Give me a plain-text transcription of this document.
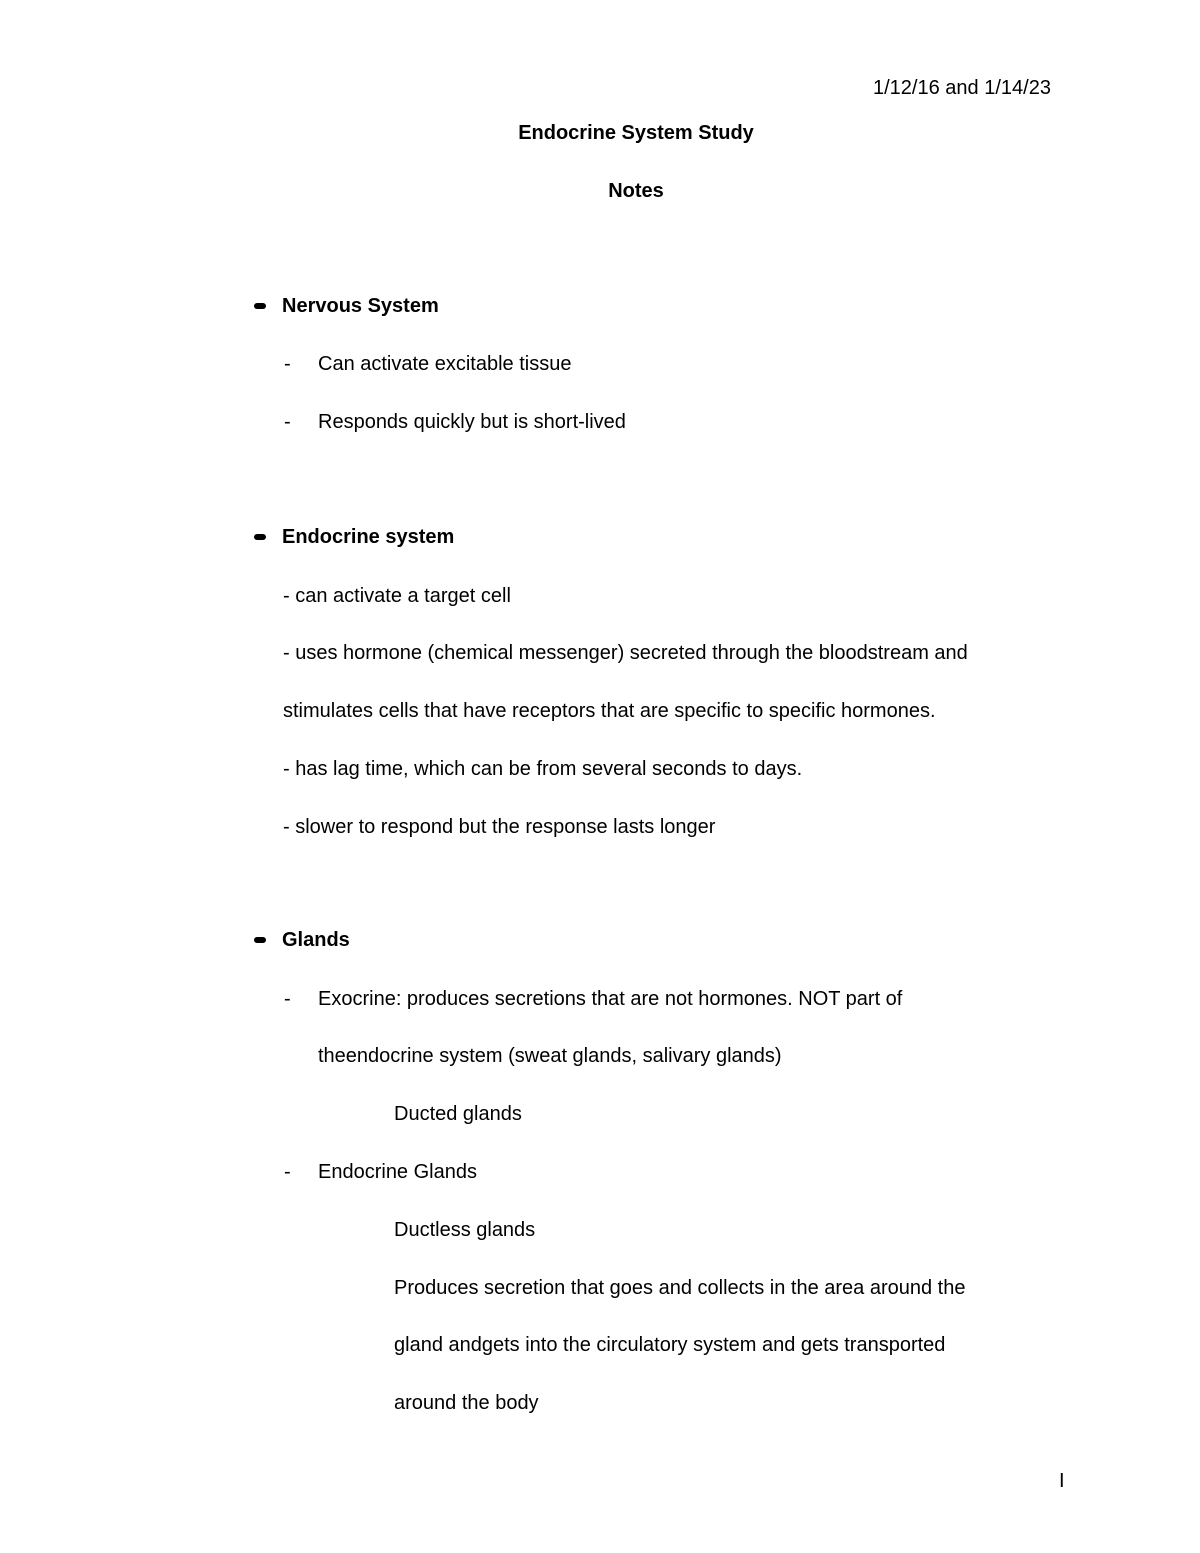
1/12/16 and 1/14/23
Endocrine System Study
Notes
Nervous System
- Can activate excitable tissue
- Responds quickly but is short-lived
Endocrine system
- can activate a target cell
- uses hormone (chemical messenger) secreted through the bloodstream and
stimulates cells that have receptors that are specific to specific hormones.
- has lag time, which can be from several seconds to days.
- slower to respond but the response lasts longer
Glands
- Exocrine: produces secretions that are not hormones. NOT part of
theendocrine system (sweat glands, salivary glands)
Ducted glands
- Endocrine Glands
Ductless glands
Produces secretion that goes and collects in the area around the
gland andgets into the circulatory system and gets transported
around the body
I
